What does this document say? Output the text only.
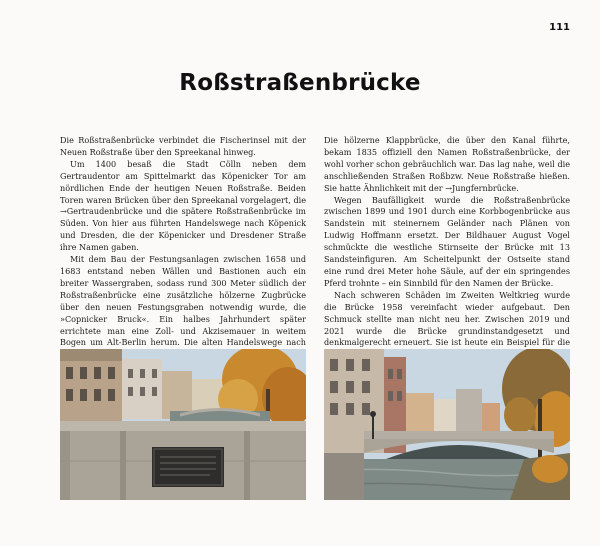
111
Roßstraßenbrücke

Die Roßstraßenbrücke verbindet die Fischerinsel mit der Neuen Roßstraße über den Spreekanal hinweg.

Um 1400 besaß die Stadt Cölln neben dem Gertraudentor am Spittelmarkt das Köpenicker Tor am nördlichen Ende der heutigen Neuen Roßstraße. Beiden Toren waren Brücken über den Spreekanal vorgelagert, die →Gertraudenbrücke und die spätere Roßstraßenbrücke im Süden. Von hier aus führten Handelswege nach Köpenick und Dresden, die der Köpenicker und Dresdener Straße ihre Namen gaben.

Mit dem Bau der Festungsanlagen zwischen 1658 und 1683 entstand neben Wällen und Bastionen auch ein breiter Wassergraben, sodass rund 300 Meter südlich der Roßstraßenbrücke eine zusätzliche hölzerne Zugbrücke über den neuen Festungsgraben notwendig wurde, die »Copnicker Bruck«. Ein halbes Jahrhundert später errichtete man eine Zoll- und Akzisemauer in weitem Bogen um Alt-Berlin herum. Die alten Handelswege nach

Die hölzerne Klappbrücke, die über den Kanal führte, bekam 1835 offiziell den Namen Roßstraßenbrücke, der wohl vorher schon gebräuchlich war. Das lag nahe, weil die anschließenden Straßen Roßbzw. Neue Roßstraße hießen. Sie hatte Ähnlichkeit mit der →Jungfernbrücke.

Wegen Baufälligkeit wurde die Roßstraßenbrücke zwischen 1899 und 1901 durch eine Korbbogenbrücke aus Sandstein mit steinernem Geländer nach Plänen von Ludwig Hoffmann ersetzt. Der Bildhauer August Vogel schmückte die westliche Stirnseite der Brücke mit 13 Sandsteinfiguren. Am Scheitelpunkt der Ostseite stand eine rund drei Meter hohe Säule, auf der ein springendes Pferd trohnte – ein Sinnbild für den Namen der Brücke.

Nach schweren Schäden im Zweiten Weltkrieg wurde die Brücke 1958 vereinfacht wieder aufgebaut. Den Schmuck stellte man nicht neu her. Zwischen 2019 und 2021 wurde die Brücke grundinstandgesetzt und denkmalgerecht erneuert. Sie ist heute ein Beispiel für die
